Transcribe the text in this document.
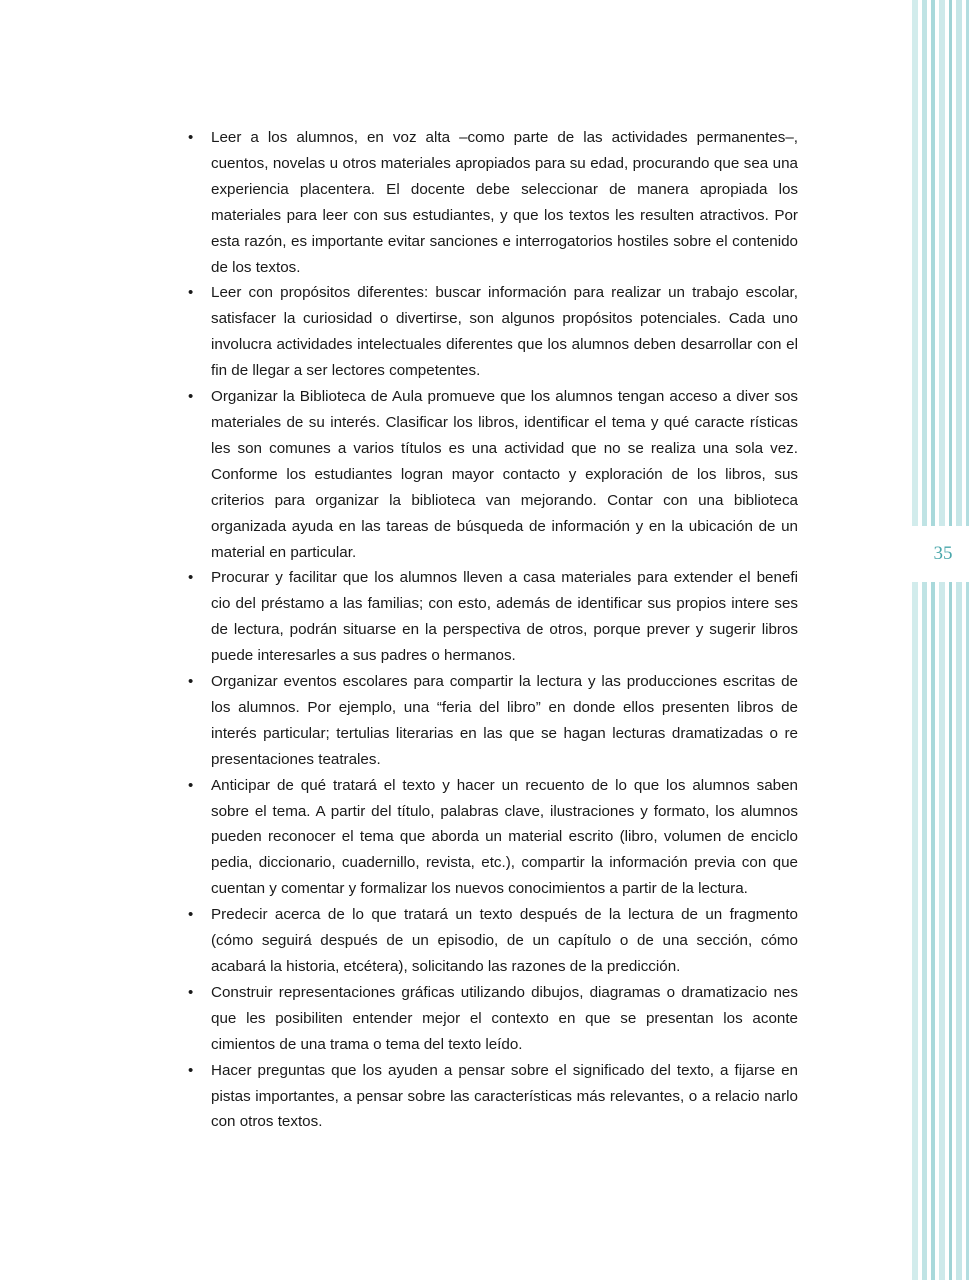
• Leer a los alumnos, en voz alta –como parte de las actividades permanentes–, cuentos, novelas u otros materiales apropiados para su edad, procurando que sea una experiencia placentera. El docente debe seleccionar de manera apropiada los materiales para leer con sus estudiantes, y que los textos les resulten atractivos. Por esta razón, es importante evitar sanciones e interrogatorios hostiles sobre el contenido de los textos.
• Leer con propósitos diferentes: buscar información para realizar un trabajo escolar, satisfacer la curiosidad o divertirse, son algunos propósitos potenciales. Cada uno involucra actividades intelectuales diferentes que los alumnos deben desarrollar con el fin de llegar a ser lectores competentes.
• Organizar la Biblioteca de Aula promueve que los alumnos tengan acceso a diver sos materiales de su interés. Clasificar los libros, identificar el tema y qué caracte rísticas les son comunes a varios títulos es una actividad que no se realiza una sola vez. Conforme los estudiantes logran mayor contacto y exploración de los libros, sus criterios para organizar la biblioteca van mejorando. Contar con una biblioteca organizada ayuda en las tareas de búsqueda de información y en la ubicación de un material en particular.
• Procurar y facilitar que los alumnos lleven a casa materiales para extender el benefi cio del préstamo a las familias; con esto, además de identificar sus propios intere ses de lectura, podrán situarse en la perspectiva de otros, porque prever y sugerir libros puede interesarles a sus padres o hermanos.
• Organizar eventos escolares para compartir la lectura y las producciones escritas de los alumnos. Por ejemplo, una “feria del libro” en donde ellos presenten libros de interés particular; tertulias literarias en las que se hagan lecturas dramatizadas o re presentaciones teatrales.
• Anticipar de qué tratará el texto y hacer un recuento de lo que los alumnos saben sobre el tema. A partir del título, palabras clave, ilustraciones y formato, los alumnos pueden reconocer el tema que aborda un material escrito (libro, volumen de enciclo pedia, diccionario, cuadernillo, revista, etc.), compartir la información previa con que cuentan y comentar y formalizar los nuevos conocimientos a partir de la lectura.
• Predecir acerca de lo que tratará un texto después de la lectura de un fragmento (cómo seguirá después de un episodio, de un capítulo o de una sección, cómo acabará la historia, etcétera), solicitando las razones de la predicción.
• Construir representaciones gráficas utilizando dibujos, diagramas o dramatizacio nes que les posibiliten entender mejor el contexto en que se presentan los aconte cimientos de una trama o tema del texto leído.
• Hacer preguntas que los ayuden a pensar sobre el significado del texto, a fijarse en pistas importantes, a pensar sobre las características más relevantes, o a relacio narlo con otros textos.
35
